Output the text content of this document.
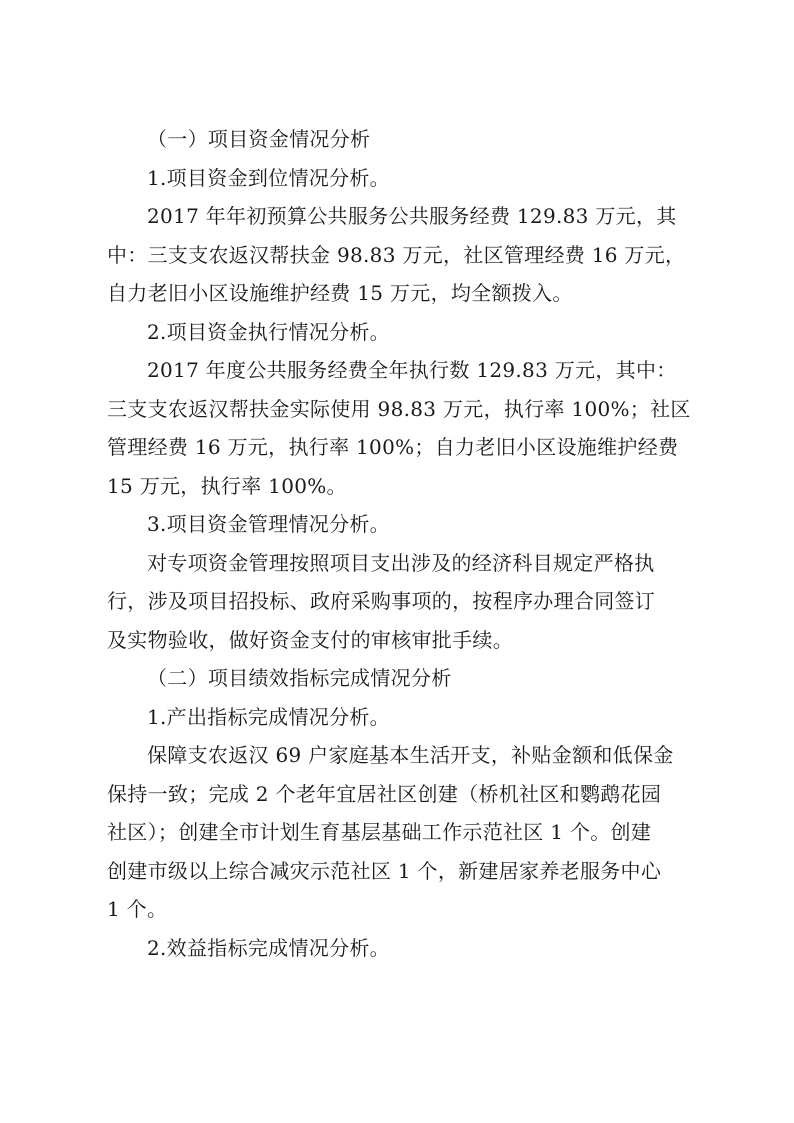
（一）项目资金情况分析
1.项目资金到位情况分析。
2017 年年初预算公共服务公共服务经费 129.83 万元，其
中：三支支农返汉帮扶金 98.83 万元，社区管理经费 16 万元，
自力老旧小区设施维护经费 15 万元，均全额拨入。
2.项目资金执行情况分析。
2017 年度公共服务经费全年执行数 129.83 万元，其中：
三支支农返汉帮扶金实际使用 98.83 万元，执行率 100%；社区
管理经费 16 万元，执行率 100%；自力老旧小区设施维护经费
15 万元，执行率 100%。
3.项目资金管理情况分析。
对专项资金管理按照项目支出涉及的经济科目规定严格执
行，涉及项目招投标、政府采购事项的，按程序办理合同签订
及实物验收，做好资金支付的审核审批手续。
（二）项目绩效指标完成情况分析
1.产出指标完成情况分析。
保障支农返汉 69 户家庭基本生活开支，补贴金额和低保金
保持一致；完成 2 个老年宜居社区创建（桥机社区和鹦鹉花园
社区）；创建全市计划生育基层基础工作示范社区 1 个。创建
创建市级以上综合减灾示范社区 1 个，新建居家养老服务中心
1 个。
2.效益指标完成情况分析。
